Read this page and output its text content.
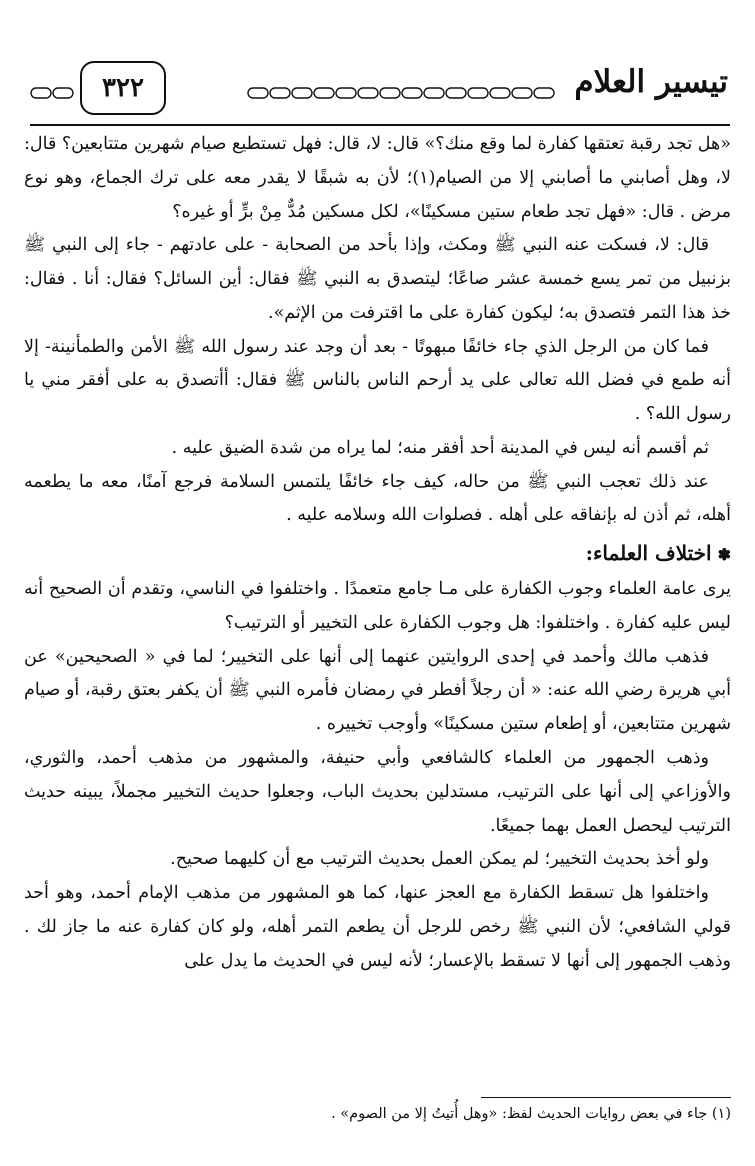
تيسير العلام
٣٢٢

«هل تجد رقبة تعتقها كفارة لما وقع منك؟» قال: لا، قال: فهل تستطيع صيام شهرين متتابعين؟ قال: لا، وهل أصابني ما أصابني إلا من الصيام(١)؛ لأن به شبقًا لا يقدر معه على ترك الجماع، وهو نوع مرض . قال: «فهل تجد طعام ستين مسكينًا»، لكل مسكين مُدٌّ مِنْ برٍّ أو غيره؟

قال: لا، فسكت عنه النبي ﷺ ومكث، وإذا بأحد من الصحابة - على عادتهم - جاء إلى النبي ﷺ بزنبيل من تمر يسع خمسة عشر صاعًا؛ ليتصدق به النبي ﷺ فقال: أين السائل؟ فقال: أنا . فقال: خذ هذا التمر فتصدق به؛ ليكون كفارة على ما اقترفت من الإثم».

فما كان من الرجل الذي جاء خائفًا مبهوتًا - بعد أن وجد عند رسول الله ﷺ الأمن والطمأنينة- إلا أنه طمع في فضل الله تعالى على يد أرحم الناس بالناس ﷺ فقال: أأتصدق به على أفقر مني يا رسول الله؟ .

ثم أقسم أنه ليس في المدينة أحد أفقر منه؛ لما يراه من شدة الضيق عليه .

عند ذلك تعجب النبي ﷺ من حاله، كيف جاء خائفًا يلتمس السلامة فرجع آمنًا، معه ما يطعمه أهله، ثم أذن له بإنفاقه على أهله . فصلوات الله وسلامه عليه .

✽اختلاف العلماء:

يرى عامة العلماء وجوب الكفارة على مـا جامع متعمدًا . واختلفوا في الناسي، وتقدم أن الصحيح أنه ليس عليه كفارة . واختلفوا: هل وجوب الكفارة على التخيير أو الترتيب؟

فذهب مالك وأحمد في إحدى الروايتين عنهما إلى أنها على التخيير؛ لما في « الصحيحين» عن أبي هريرة رضي الله عنه: « أن رجلاً أفطر في رمضان فأمره النبي ﷺ أن يكفر بعتق رقبة، أو صيام شهرين متتابعين، أو إطعام ستين مسكينًا» وأوجب تخييره .

وذهب الجمهور من العلماء كالشافعي وأبي حنيفة، والمشهور من مذهب أحمد، والثوري، والأوزاعي إلى أنها على الترتيب، مستدلين بحديث الباب، وجعلوا حديث التخيير مجملاً، يبينه حديث الترتيب ليحصل العمل بهما جميعًا.

ولو أخذ بحديث التخيير؛ لم يمكن العمل بحديث الترتيب مع أن كليهما صحيح.

واختلفوا هل تسقط الكفارة مع العجز عنها، كما هو المشهور من مذهب الإمام أحمد، وهو أحد قولي الشافعي؛ لأن النبي ﷺ رخص للرجل أن يطعم التمر أهله، ولو كان كفارة عنه ما جاز لك . وذهب الجمهور إلى أنها لا تسقط بالإعسار؛ لأنه ليس في الحديث ما يدل على

(١) جاء في بعض روايات الحديث لفظ: «وهل أُتيتُ إلا من الصوم» .
